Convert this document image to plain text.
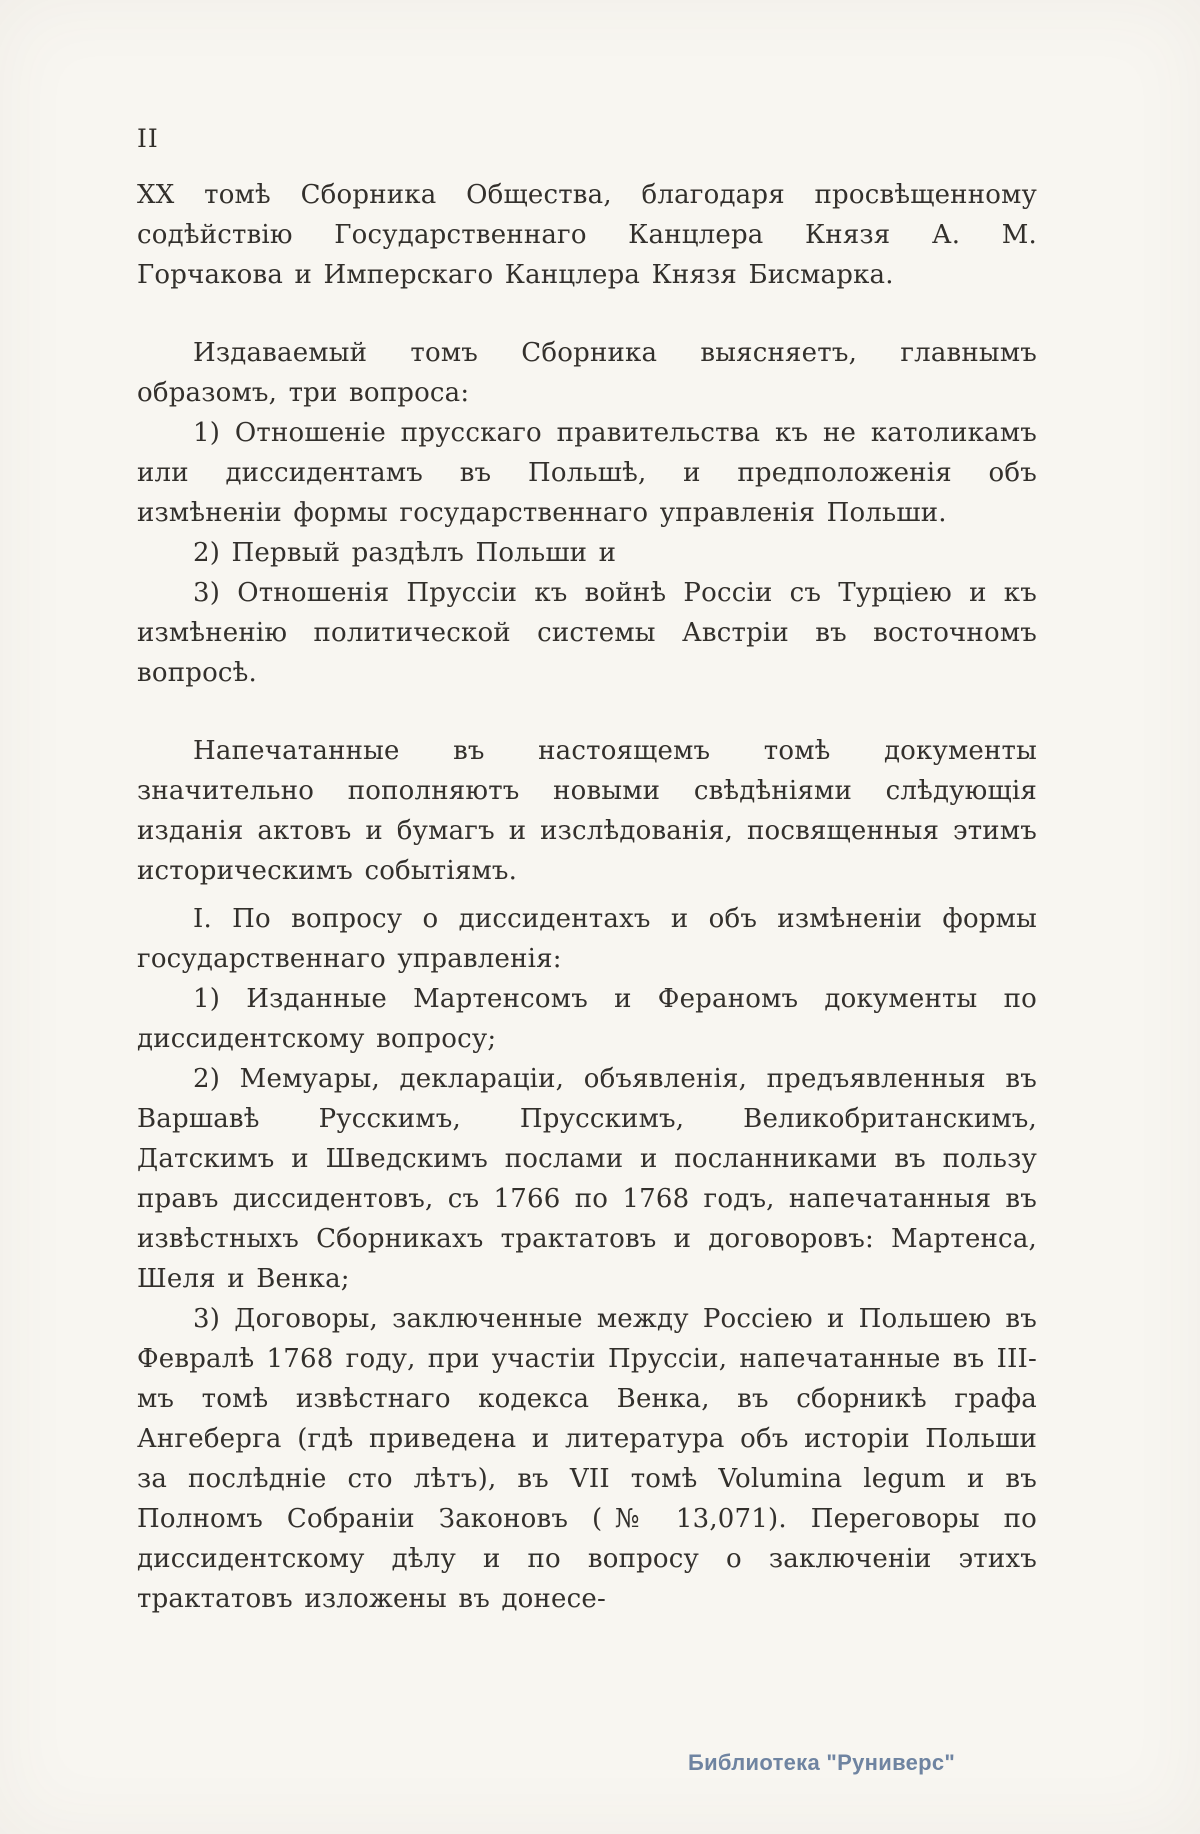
II

XX томѣ Сборника Общества, благодаря просвѣщенному содѣйствію Государственнаго Канцлера Князя А. М. Горчакова и Имперскаго Канцлера Князя Бисмарка.

Издаваемый томъ Сборника выясняетъ, главнымъ образомъ, три вопроса:

1) Отношеніе прусскаго правительства къ не католикамъ или диссидентамъ въ Польшѣ, и предположенія объ измѣненіи формы государственнаго управленія Польши.

2) Первый раздѣлъ Польши и

3) Отношенія Пруссіи къ войнѣ Россіи съ Турціею и къ измѣненію политической системы Австріи въ восточномъ вопросѣ.

Напечатанные въ настоящемъ томѣ документы значительно пополняютъ новыми свѣдѣніями слѣдующія изданія актовъ и бумагъ и изслѣдованія, посвященныя этимъ историческимъ событіямъ.

I. По вопросу о диссидентахъ и объ измѣненіи формы государственнаго управленія:

1) Изданные Мартенсомъ и Фераномъ документы по диссидентскому вопросу;

2) Мемуары, деклараціи, объявленія, предъявленныя въ Варшавѣ Русскимъ, Прусскимъ, Великобританскимъ, Датскимъ и Шведскимъ послами и посланниками въ пользу правъ диссидентовъ, съ 1766 по 1768 годъ, напечатанныя въ извѣстныхъ Сборникахъ трактатовъ и договоровъ: Мартенса, Шеля и Венка;

3) Договоры, заключенные между Россіею и Польшею въ Февралѣ 1768 году, при участіи Пруссіи, напечатанные въ III-мъ томѣ извѣстнаго кодекса Венка, въ сборникѣ графа Ангеберга (гдѣ приведена и литература объ исторіи Польши за послѣдніе сто лѣтъ), въ VII томѣ Volumina legum и въ Полномъ Собраніи Законовъ (№ 13,071). Переговоры по диссидентскому дѣлу и по вопросу о заключеніи этихъ трактатовъ изложены въ донесе-

Библиотека "Руниверс"
